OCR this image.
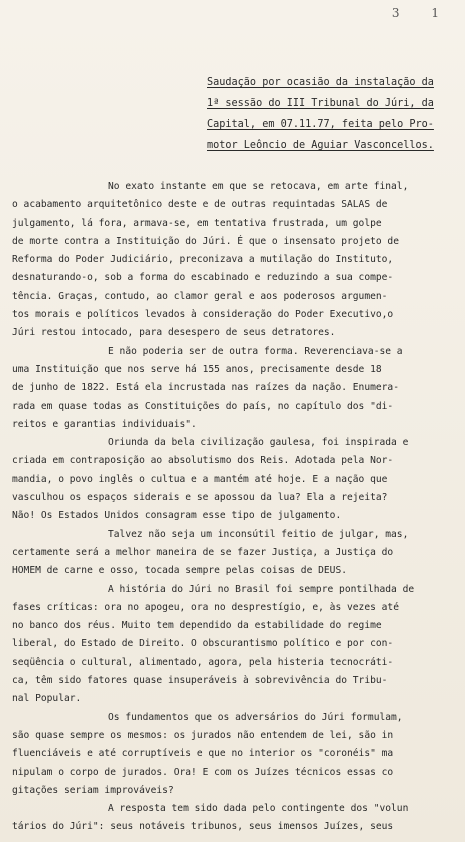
3 1
Saudação por ocasião da instalação da
1ª sessão do III Tribunal do Júri, da
Capital, em 07.11.77, feita pelo Pro-
motor Leôncio de Aguiar Vasconcellos.
No exato instante em que se retocava, em arte final,
o acabamento arquitetônico deste e de outras requintadas SALAS de
julgamento, lá fora, armava-se, em tentativa frustrada, um golpe
de morte contra a Instituição do Júri. É que o insensato projeto de
Reforma do Poder Judiciário, preconizava a mutilação do Instituto,
desnaturando-o, sob a forma do escabinado e reduzindo a sua compe-
tência. Graças, contudo, ao clamor geral e aos poderosos argumen-
tos morais e políticos levados à consideração do Poder Executivo,o
Júri restou intocado, para desespero de seus detratores.
E não poderia ser de outra forma. Reverenciava-se a
uma Instituição que nos serve há 155 anos, precisamente desde 18
de junho de 1822. Está ela incrustada nas raízes da nação. Enumera-
rada em quase todas as Constituições do país, no capítulo dos "di-
reitos e garantias individuais".
Oriunda da bela civilização gaulesa, foi inspirada e
criada em contraposição ao absolutismo dos Reis. Adotada pela Nor-
mandia, o povo inglês o cultua e a mantém até hoje. E a nação que
vasculhou os espaços siderais e se apossou da lua? Ela a rejeita?
Não! Os Estados Unidos consagram esse tipo de julgamento.
Talvez não seja um inconsútil feitio de julgar, mas,
certamente será a melhor maneira de se fazer Justiça, a Justiça do
HOMEM de carne e osso, tocada sempre pelas coisas de DEUS.
A história do Júri no Brasil foi sempre pontilhada de
fases críticas: ora no apogeu, ora no desprestígio, e, às vezes até
no banco dos réus. Muito tem dependido da estabilidade do regime
liberal, do Estado de Direito. O obscurantismo político e por con-
seqüência o cultural, alimentado, agora, pela histeria tecnocráti-
ca, têm sido fatores quase insuperáveis à sobrevivência do Tribu-
nal Popular.
Os fundamentos que os adversários do Júri formulam,
são quase sempre os mesmos: os jurados não entendem de lei, são in
fluenciáveis e até corruptíveis e que no interior os "coronéis" ma
nipulam o corpo de jurados. Ora! E com os Juízes técnicos essas co
gitações seriam improváveis?
A resposta tem sido dada pelo contingente dos "volun
tários do Júri": seus notáveis tribunos, seus imensos Juízes, seus
